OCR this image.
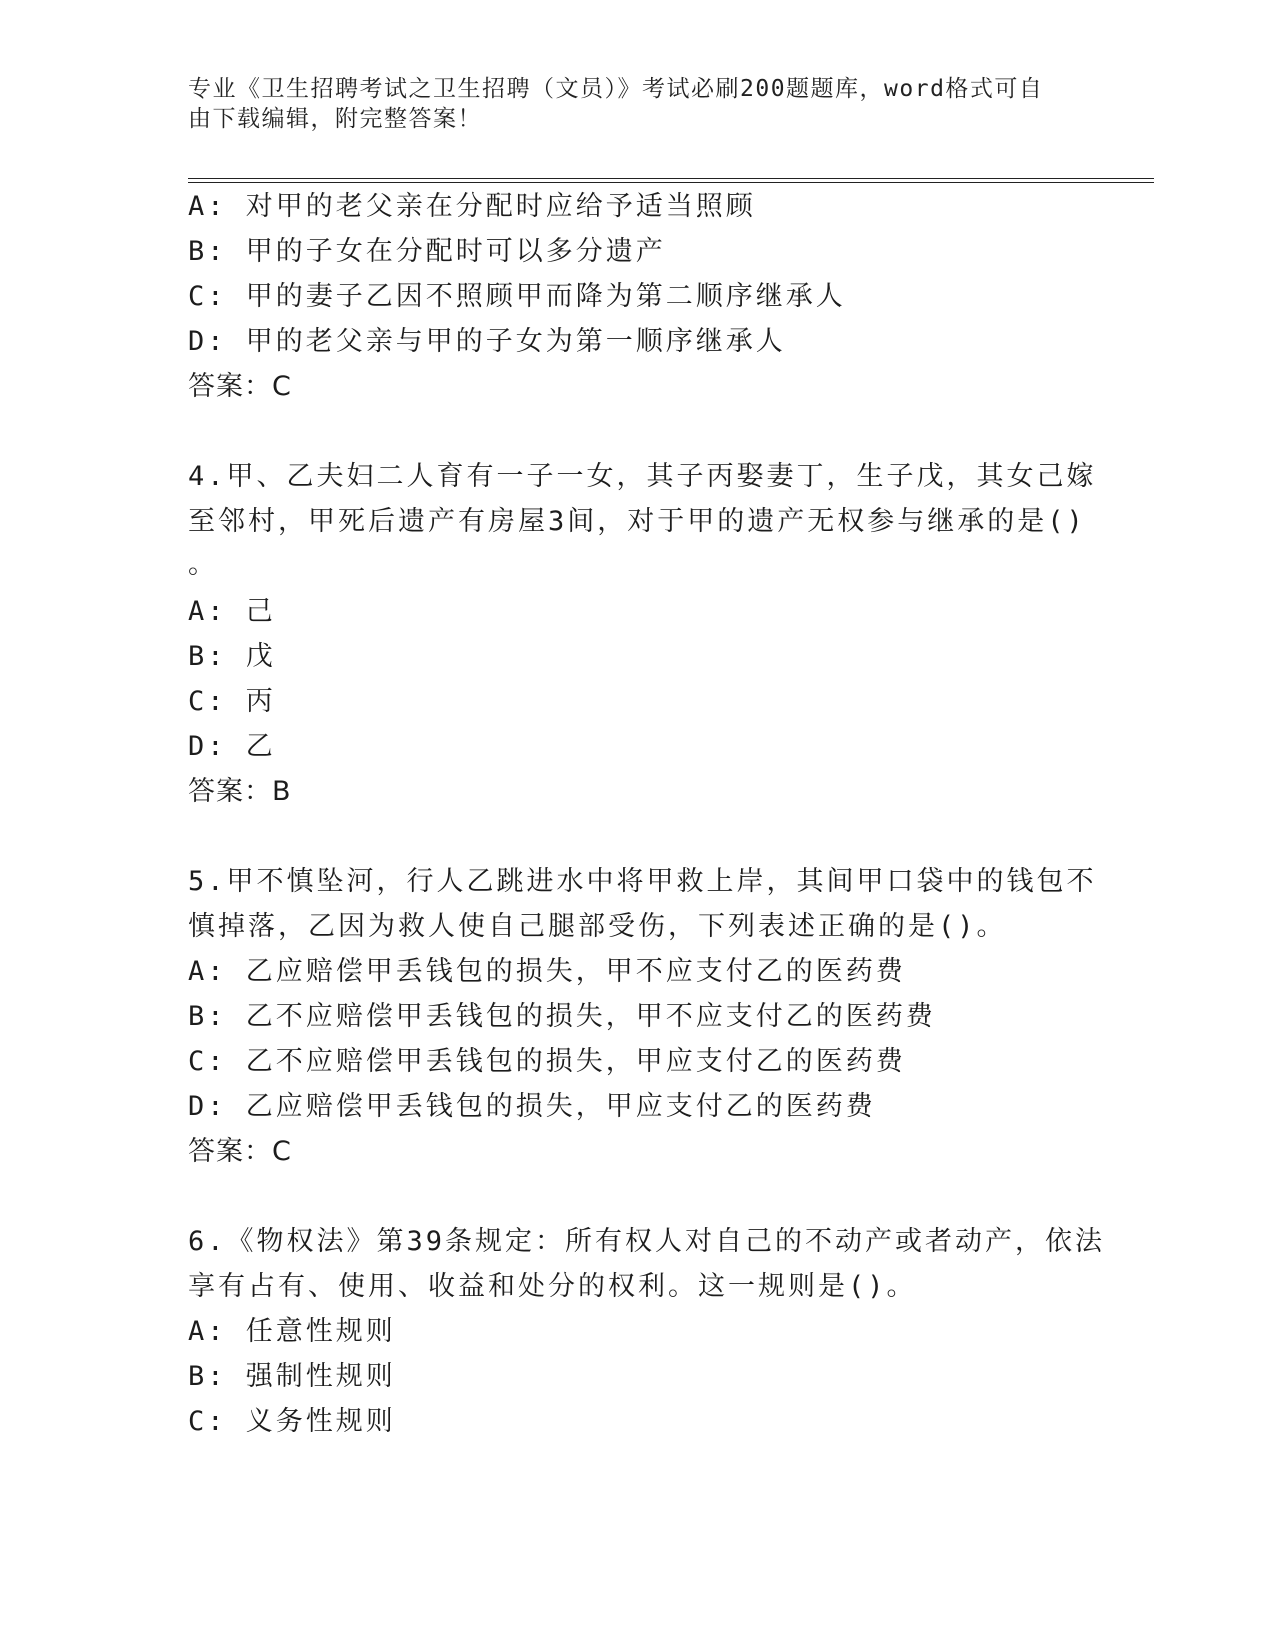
专业《卫生招聘考试之卫生招聘（文员）》考试必刷200题题库，word格式可自
由下载编辑，附完整答案！
A: 对甲的老父亲在分配时应给予适当照顾
B: 甲的子女在分配时可以多分遗产
C: 甲的妻子乙因不照顾甲而降为第二顺序继承人
D: 甲的老父亲与甲的子女为第一顺序继承人
答案：C
4.甲、乙夫妇二人育有一子一女，其子丙娶妻丁，生子戊，其女己嫁
至邻村，甲死后遗产有房屋3间，对于甲的遗产无权参与继承的是()
。
A: 己
B: 戊
C: 丙
D: 乙
答案：B
5.甲不慎坠河，行人乙跳进水中将甲救上岸，其间甲口袋中的钱包不
慎掉落，乙因为救人使自己腿部受伤，下列表述正确的是()。
A: 乙应赔偿甲丢钱包的损失，甲不应支付乙的医药费
B: 乙不应赔偿甲丢钱包的损失，甲不应支付乙的医药费
C: 乙不应赔偿甲丢钱包的损失，甲应支付乙的医药费
D: 乙应赔偿甲丢钱包的损失，甲应支付乙的医药费
答案：C
6.《物权法》第39条规定：所有权人对自己的不动产或者动产，依法
享有占有、使用、收益和处分的权利。这一规则是()。
A: 任意性规则
B: 强制性规则
C: 义务性规则
